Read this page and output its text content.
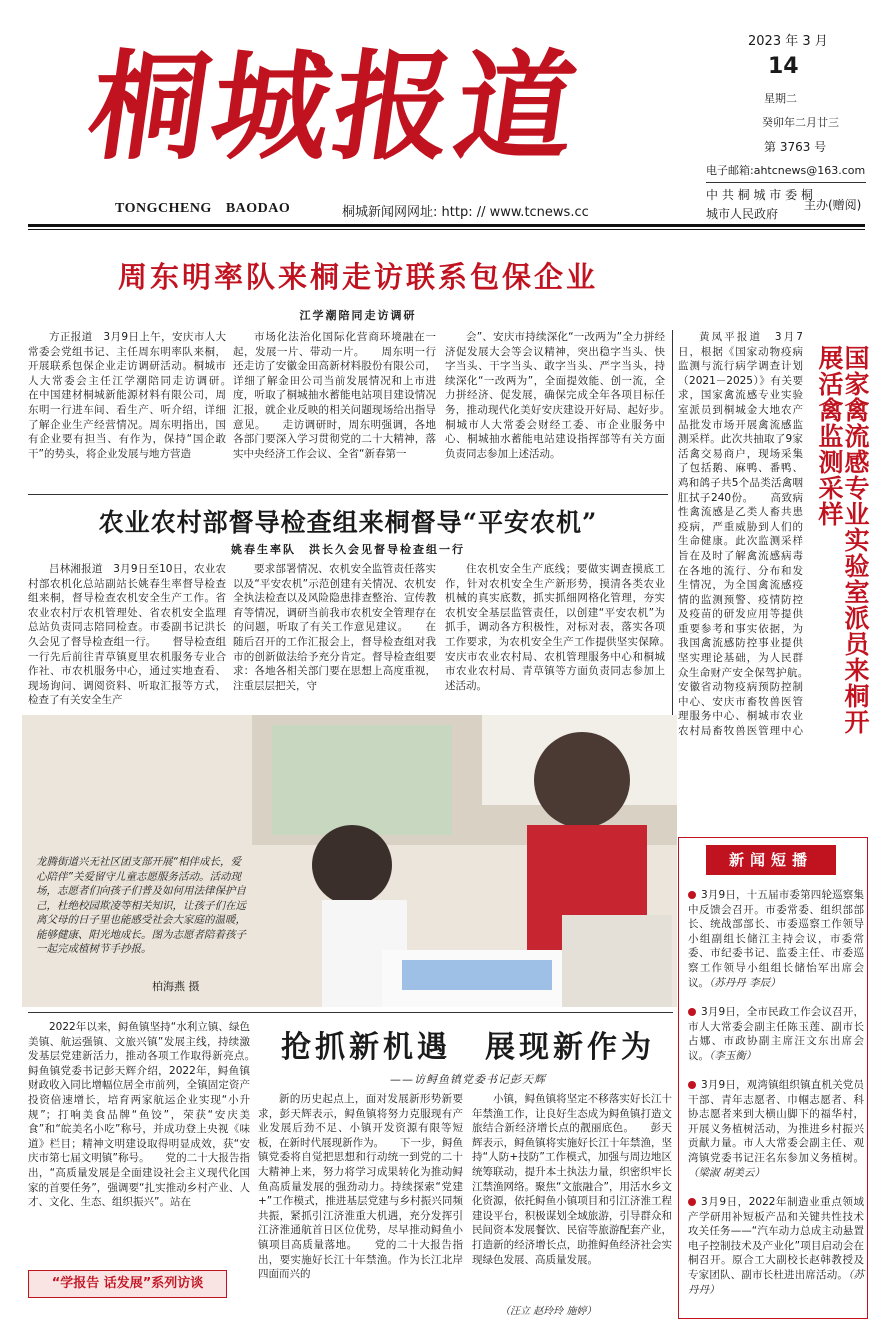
桐城报道
TONGCHENG BAODAO	桐城新闻网网址: http: // www.tcnews.cc
2023 年 3 月
14
星期二
癸卯年二月廿三
第 3763 号
电子邮箱:ahtcnews@163.com
中 共 桐 城 市 委 桐城市人民政府
主办(赠阅)
周东明率队来桐走访联系包保企业
江学潮陪同走访调研

方正报道　3月9日上午，安庆市人大常委会党组书记、主任周东明率队来桐，开展联系包保企业走访调研活动。桐城市人大常委会主任江学潮陪同走访调研。　　在中国建材桐城新能源材料有限公司，周东明一行进车间、看生产、听介绍，详细了解企业生产经营情况。周东明指出，国有企业要有担当、有作为，保持“国企敢干”的势头，将企业发展与地方营造

市场化法治化国际化营商环境融在一起，发展一片、带动一片。　　周东明一行还走访了安徽金田高新材料股份有限公司，详细了解金田公司当前发展情况和上市进度，听取了桐城抽水蓄能电站项目建设情况汇报，就企业反映的相关问题现场给出指导意见。　　走访调研时，周东明强调，各地各部门要深入学习贯彻党的二十大精神，落实中央经济工作会议、全省“新春第一

会”、安庆市持续深化“一改两为”全力拼经济促发展大会等会议精神，突出稳字当头、快字当头、干字当头、敢字当头、严字当头，持续深化“一改两为”，全面提效能、创一流，全力拼经济、促发展，确保完成全年各项目标任务，推动现代化美好安庆建设开好局、起好步。　　桐城市人大常委会财经工委、市企业服务中心、桐城抽水蓄能电站建设指挥部等有关方面负责同志参加上述活动。

农业农村部督导检查组来桐督导“平安农机”
姚春生率队　洪长久会见督导检查组一行

吕林湘报道　3月9日至10日，农业农村部农机化总站副站长姚春生率督导检查组来桐，督导检查农机安全生产工作。省农业农村厅农机管理处、省农机安全监理总站负责同志陪同检查。市委副书记洪长久会见了督导检查组一行。　　督导检查组一行先后前往青草镇夏里农机服务专业合作社、市农机服务中心，通过实地查看、现场询问、调阅资料、听取汇报等方式，检查了有关安全生产

要求部署情况、农机安全监管责任落实以及“平安农机”示范创建有关情况、农机安全执法检查以及风险隐患排查整治、宣传教育等情况，调研当前我市农机安全管理存在的问题，听取了有关工作意见建议。　　在随后召开的工作汇报会上，督导检查组对我市的创新做法给予充分肯定。督导检查组要求：各地各相关部门要在思想上高度重视，注重层层把关，守

住农机安全生产底线；要做实调查摸底工作，针对农机安全生产新形势，摸清各类农业机械的真实底数，抓实抓细网格化管理，夯实农机安全基层监管责任，以创建“平安农机”为抓手，调动各方积极性，对标对表，落实各项工作要求，为农机安全生产工作提供坚实保障。　　安庆市农业农村局、农机管理服务中心和桐城市农业农村局、青草镇等方面负责同志参加上述活动。	国家禽流感专业实验室派员来桐开展活禽监测采样

黄凤平报道　3月7日，根据《国家动物疫病监测与流行病学调查计划（2021－2025）》有关要求，国家禽流感专业实验室派员到桐城金大地农产品批发市场开展禽流感监测采样。此次共抽取了9家活禽交易商户，现场采集了包括鹅、麻鸭、番鸭、鸡和鸽子共5个品类活禽咽肛拭子240份。　　高致病性禽流感是乙类人畜共患疫病，严重威胁到人们的生命健康。此次监测采样旨在及时了解禽流感病毒在各地的流行、分布和发生情况，为全国禽流感疫情的监测预警、疫情防控及疫苗的研发应用等提供重要参考和事实依据，为我国禽流感防控事业提供坚实理论基础，为人民群众生命财产安全保驾护航。　　安徽省动物疫病预防控制中心、安庆市畜牧兽医管理服务中心、桐城市农业农村局畜牧兽医管理中心

龙腾街道兴无社区团支部开展“相伴成长，爱心陪伴”关爱留守儿童志愿服务活动。活动现场，志愿者们向孩子们普及如何用法律保护自己，杜绝校园欺凌等相关知识，让孩子们在远离父母的日子里也能感受社会大家庭的温暖，能够健康、阳光地成长。图为志愿者陪着孩子一起完成植树节手抄报。
柏海燕 摄
新闻短播
3月9日，十五届市委第四轮巡察集中反馈会召开。市委常委、组织部部长、统战部部长、市委巡察工作领导小组副组长储江主持会议，市委常委、市纪委书记、监委主任、市委巡察工作领导小组组长储怡军出席会议。（苏丹丹 李辰）
3月9日，全市民政工作会议召开，市人大常委会副主任陈玉莲、副市长占娜、市政协副主席汪文东出席会议。（李玉衡）
3月9日，观湾镇组织镇直机关党员干部、青年志愿者、巾帼志愿者、科协志愿者来到大横山脚下的福华村，开展义务植树活动，为推进乡村振兴贡献力量。市人大常委会副主任、观湾镇党委书记汪名东参加义务植树。（梁淑 胡美云）
3月9日，2022年制造业重点领域产学研用补短板产品和关键共性技术攻关任务——“汽车动力总成主动悬置电子控制技术及产业化”项目启动会在桐召开。原合工大副校长赵韩教授及专家团队、副市长杜进出席活动。（苏丹丹）
抢抓新机遇　展现新作为
——访鲟鱼镇党委书记彭天辉

2022年以来，鲟鱼镇坚持“水利立镇、绿色美镇、航运强镇、文旅兴镇”发展主线，持续激发基层党建新活力，推动各项工作取得新亮点。　　鲟鱼镇党委书记彭天辉介绍，2022年，鲟鱼镇财政收入同比增幅位居全市前列，全镇固定资产投资倍速增长，培育两家航运企业实现“小升规”；打响美食品牌“鱼饺”，荣获“安庆美食”和“皖美名小吃”称号，并成功登上央视《味道》栏目；精神文明建设取得明显成效，获“安庆市第七届文明镇”称号。　　党的二十大报告指出，“高质量发展是全面建设社会主义现代化国家的首要任务”，强调要“扎实推动乡村产业、人才、文化、生态、组织振兴”。站在

新的历史起点上，面对发展新形势新要求，彭天辉表示，鲟鱼镇将努力克服现有产业发展后劲不足、小镇开发资源有限等短板，在新时代展现新作为。　　下一步，鲟鱼镇党委将自觉把思想和行动统一到党的二十大精神上来，努力将学习成果转化为推动鲟鱼高质量发展的强劲动力。持续探索“党建+”工作模式，推进基层党建与乡村振兴同频共振，紧抓引江济淮重大机遇，充分发挥引江济淮通航首日区位优势，尽早推动鲟鱼小镇项目高质量落地。　　党的二十大报告指出，要实施好长江十年禁渔。作为长江北岸四面而兴的

小镇，鲟鱼镇将坚定不移落实好长江十年禁渔工作，让良好生态成为鲟鱼镇打造文旅结合新经济增长点的靓丽底色。　　彭天辉表示，鲟鱼镇将实施好长江十年禁渔，坚持“人防+技防”工作模式，加强与周边地区统筹联动，提升本土执法力量，织密织牢长江禁渔网络。聚焦“文旅融合”，用活水乡文化资源，依托鲟鱼小镇项目和引江济淮工程建设平台，积极谋划全域旅游，引导群众和民间资本发展餐饮、民宿等旅游配套产业，打造新的经济增长点，助推鲟鱼经济社会实现绿色发展、高质量发展。

（汪立 赵玲玲 施婷）
“学报告 话发展”系列访谈
